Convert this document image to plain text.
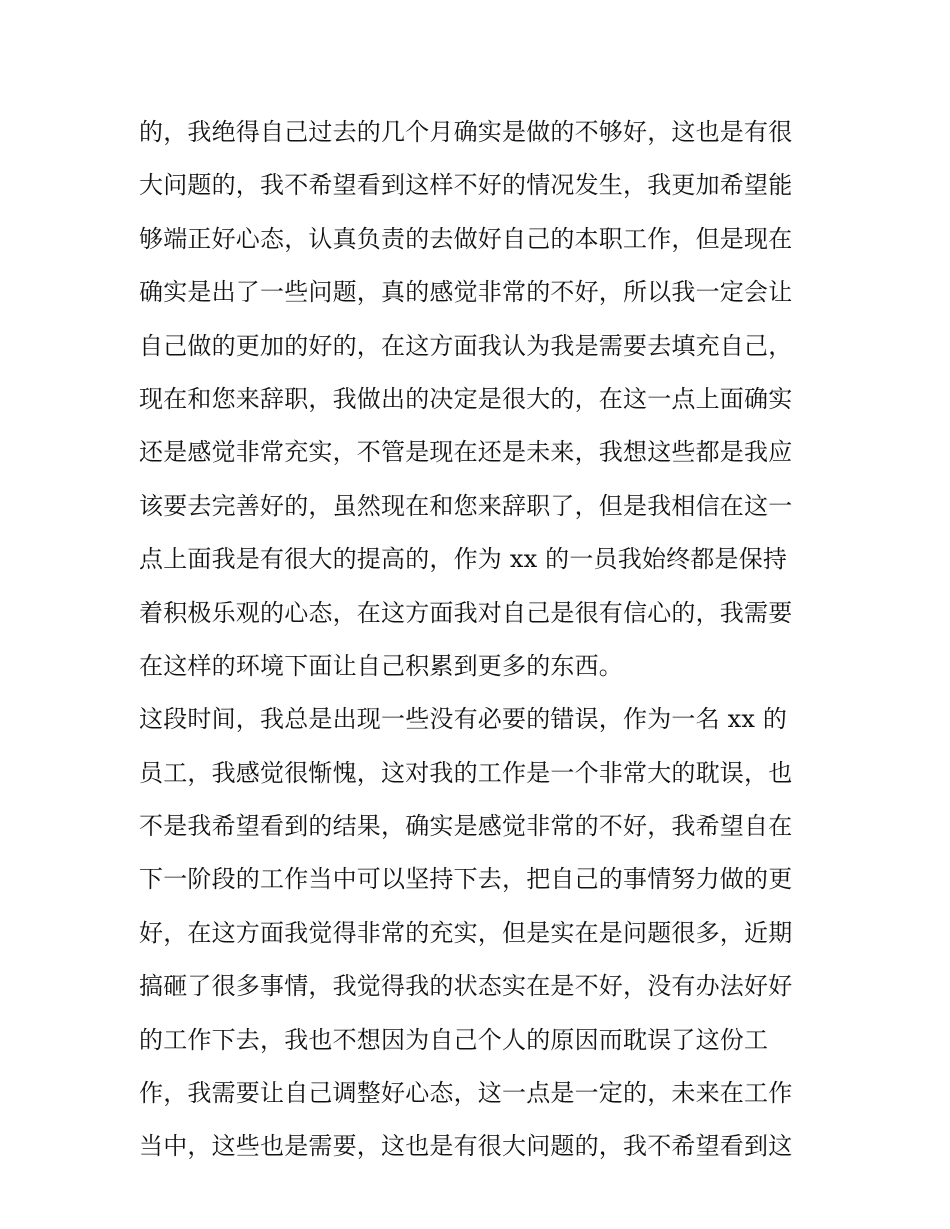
的，我绝得自己过去的几个月确实是做的不够好，这也是有很
大问题的，我不希望看到这样不好的情况发生，我更加希望能
够端正好心态，认真负责的去做好自己的本职工作，但是现在
确实是出了一些问题，真的感觉非常的不好，所以我一定会让
自己做的更加的好的，在这方面我认为我是需要去填充自己，
现在和您来辞职，我做出的决定是很大的，在这一点上面确实
还是感觉非常充实，不管是现在还是未来，我想这些都是我应
该要去完善好的，虽然现在和您来辞职了，但是我相信在这一
点上面我是有很大的提高的，作为 xx 的一员我始终都是保持
着积极乐观的心态，在这方面我对自己是很有信心的，我需要
在这样的环境下面让自己积累到更多的东西。
这段时间，我总是出现一些没有必要的错误，作为一名 xx 的
员工，我感觉很惭愧，这对我的工作是一个非常大的耽误，也
不是我希望看到的结果，确实是感觉非常的不好，我希望自在
下一阶段的工作当中可以坚持下去，把自己的事情努力做的更
好，在这方面我觉得非常的充实，但是实在是问题很多，近期
搞砸了很多事情，我觉得我的状态实在是不好，没有办法好好
的工作下去，我也不想因为自己个人的原因而耽误了这份工
作，我需要让自己调整好心态，这一点是一定的，未来在工作
当中，这些也是需要，这也是有很大问题的，我不希望看到这
